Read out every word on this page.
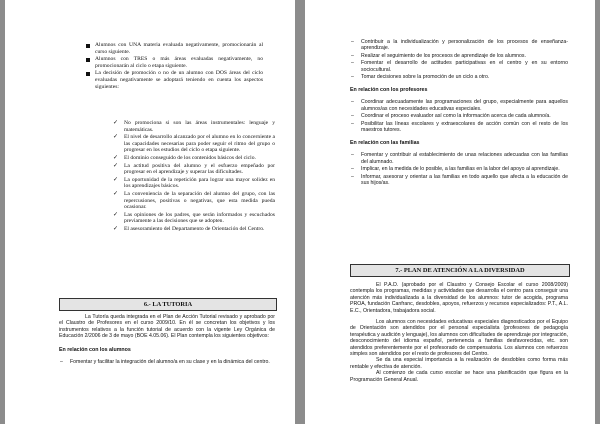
Alumnos con UNA materia evaluada negativamente, promocionarán al curso siguiente.
Alumnos con TRES o más áreas evaluadas negativamente, no promocionarán al ciclo o etapa siguiente.
La decisión de promoción o no de un alumno con DOS áreas del ciclo evaluadas negativamente se adoptará teniendo en cuenta los aspectos siguientes:
✓ No promociona si son las áreas instrumentales: lenguaje y matemáticas.
✓ El nivel de desarrollo alcanzado por el alumno en lo concerniente a las capacidades necesarias para poder seguir el ritmo del grupo o progresar en los estudios del ciclo o etapa siguiente.
✓ El dominio conseguido de los contenidos básicos del ciclo.
✓ La actitud positiva del alumno y el esfuerzo empeñado por progresar en el aprendizaje y superar las dificultades.
✓ La oportunidad de la repetición para lograr una mayor solidez en los aprendizajes básicos.
✓ La conveniencia de la separación del alumno del grupo, con las repercusiones, positivas o negativas, que esta medida pueda ocasionar.
✓ Las opiniones de los padres, que serán informados y escuchados previamente a las decisiones que se adopten.
✓ El asesoramiento del Departamento de Orientación del Centro.
6.- LA TUTORIA

La Tutoría queda integrada en el Plan de Acción Tutorial revisado y aprobado por el Claustro de Profesores en el curso 2009/10. En él se concretan los objetivos y los instrumentos relativos a la función tutorial de acuerdo con la vigente Ley Orgánica de Educación 2/2006 de 3 de mayo (BOE 4.05.06). El Plan contempla los siguientes objetivos:

En relación con los alumnos
– Fomentar y facilitar la integración del alumno/a en su clase y en la dinámica del centro.
– Contribuir a la individualización y personalización de los procesos de enseñanza-aprendizaje.
– Realizar el seguimiento de los procesos de aprendizaje de los alumnos.
– Fomentar el desarrollo de actitudes participativas en el centro y en su entorno sociocultural.
– Tomar decisiones sobre la promoción de un ciclo a otro.
En relación con los profesores
– Coordinar adecuadamente las programaciones del grupo, especialmente para aquellos alumnos/as con necesidades educativas especiales.
– Coordinar el proceso evaluador así como la información acerca de cada alumno/a.
– Posibilitar las líneas escolares y extraescolares de acción común con el resto de los maestros tutores.
En relación con las familias
– Fomentar y contribuir al establecimiento de unas relaciones adecuadas con las familias del alumnado.
– Implicar, en la medida de lo posible, a las familias en la labor del apoyo al aprendizaje.
– Informar, asesorar y orientar a las familias en todo aquello que afecta a la educación de sus hijos/as.
7.- PLAN DE ATENCIÓN A LA DIVERSIDAD

El P.A.D. (aprobado por el Claustro y Consejo Escolar el curso 2008/2009) contempla los programas, medidas y actividades que desarrolla el centro para conseguir una atención más individualizada a la diversidad de los alumnos: tutor de acogida, programa PROA, fundación Canfranc, desdobles, apoyos, refuerzos y recursos especializados: P.T., A.L. E.C., Orientadora, trabajadora social.

Los alumnos con necesidades educativas especiales diagnosticados por el Equipo de Orientación son atendidos por el personal especialista (profesores de pedagogía terapéutica y audición y lenguaje), los alumnos con dificultades de aprendizaje por integración, desconocimiento del idioma español, pertenencia a familias desfavorecidas, etc. son atendidos preferentemente por el profesorado de compensatoria. Los alumnos con refuerzos simples son atendidos por el resto de profesores del Centro.

Se da una especial importancia a la realización de desdobles como forma más rentable y efectiva de atención.

Al comienzo de cada curso escolar se hace una planificación que figura en la Programación General Anual.
